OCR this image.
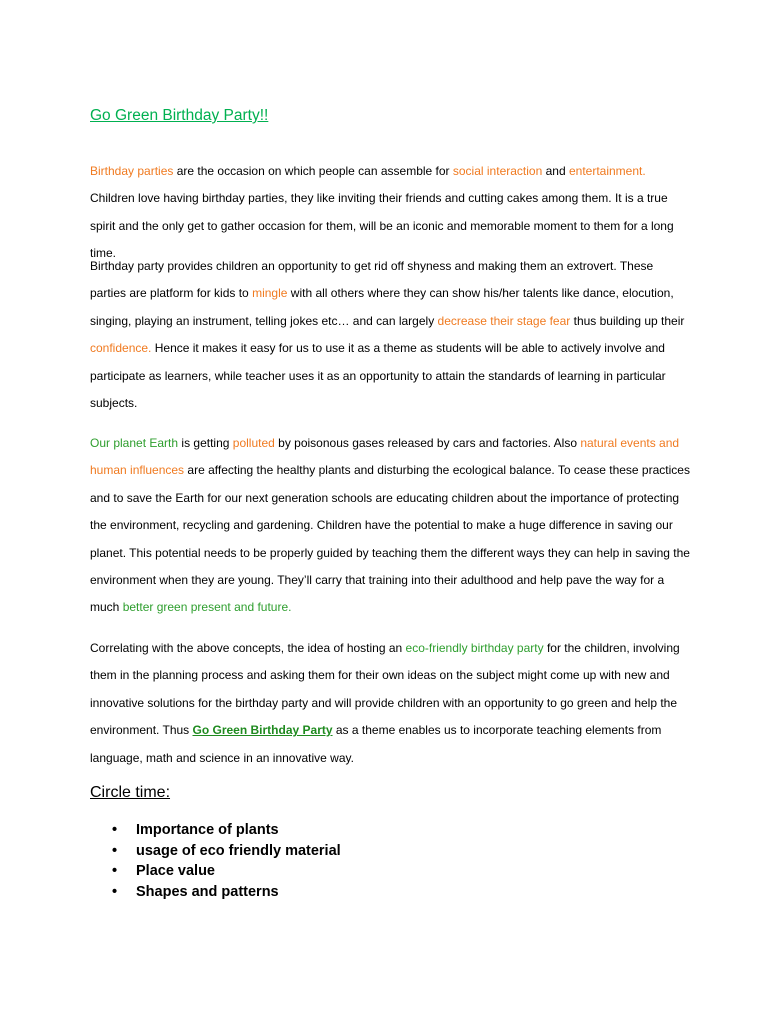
Go Green Birthday Party!!

Birthday parties are the occasion on which people can assemble for social interaction and entertainment. Children love having birthday parties, they like inviting their friends and cutting cakes among them. It is a true spirit and the only get to gather occasion for them, will be an iconic and memorable moment to them for a long time.

Birthday party provides children an opportunity to get rid off shyness and making them an extrovert. These parties are platform for kids to mingle with all others where they can show his/her talents like dance, elocution, singing, playing an instrument, telling jokes etc… and can largely decrease their stage fear thus building up their confidence. Hence it makes it easy for us to use it as a theme as students will be able to actively involve and participate as learners, while teacher uses it as an opportunity to attain the standards of learning in particular subjects.

Our planet Earth is getting polluted by poisonous gases released by cars and factories. Also natural events and human influences are affecting the healthy plants and disturbing the ecological balance. To cease these practices and to save the Earth for our next generation schools are educating children about the importance of protecting the environment, recycling and gardening. Children have the potential to make a huge difference in saving our planet. This potential needs to be properly guided by teaching them the different ways they can help in saving the environment when they are young. They’ll carry that training into their adulthood and help pave the way for a much better green present and future.

Correlating with the above concepts, the idea of hosting an eco-friendly birthday party for the children, involving them in the planning process and asking them for their own ideas on the subject might come up with new and innovative solutions for the birthday party and will provide children with an opportunity to go green and help the environment. Thus Go Green Birthday Party as a theme enables us to incorporate teaching elements from language, math and science in an innovative way.

Circle time:
• Importance of plants
• usage of eco friendly material
• Place value
• Shapes and patterns
